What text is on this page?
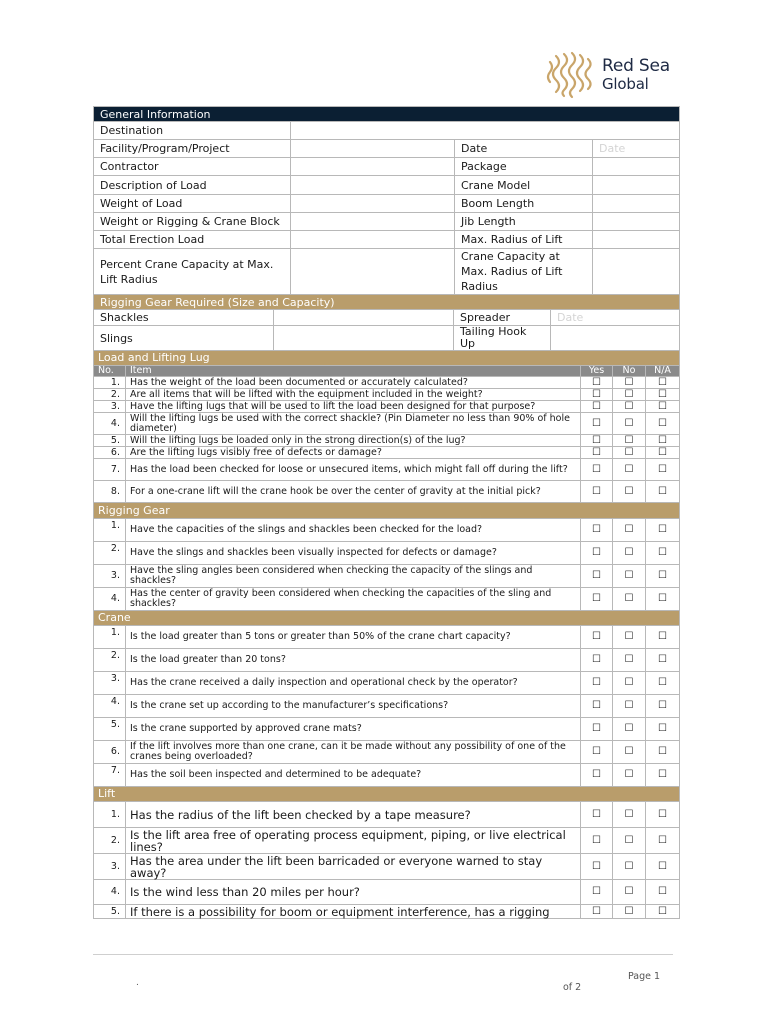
Red Sea
Global
General Information			
Destination			
Facility/Program/Project		Date	Date
Contractor		Package	
Description of Load		Crane Model	
Weight of Load		Boom Length	
Weight or Rigging & Crane Block		Jib Length	
Total Erection Load		Max. Radius of Lift	
Percent Crane Capacity at Max. Lift Radius		Crane Capacity at Max. Radius of Lift Radius	
Rigging Gear Required (Size and Capacity)			
Shackles		Spreader	Date
Slings		Tailing Hook Up	
Load and Lifting Lug				
No.	Item	Yes	No	N/A
1.	Has the weight of the load been documented or accurately calculated?	☐	☐	☐
2.	Are all items that will be lifted with the equipment included in the weight?	☐	☐	☐
3.	Have the lifting lugs that will be used to lift the load been designed for that purpose?	☐	☐	☐
4.	Will the lifting lugs be used with the correct shackle? (Pin Diameter no less than 90% of hole diameter)	☐	☐	☐
5.	Will the lifting lugs be loaded only in the strong direction(s) of the lug?	☐	☐	☐
6.	Are the lifting lugs visibly free of defects or damage?	☐	☐	☐
7.	Has the load been checked for loose or unsecured items, which might fall off during the lift?	☐	☐	☐
8.	For a one-crane lift will the crane hook be over the center of gravity at the initial pick?	☐	☐	☐
Rigging Gear				
1.	Have the capacities of the slings and shackles been checked for the load?	☐	☐	☐
2.	Have the slings and shackles been visually inspected for defects or damage?	☐	☐	☐
3.	Have the sling angles been considered when checking the capacity of the slings and shackles?	☐	☐	☐
4.	Has the center of gravity been considered when checking the capacities of the sling and shackles?	☐	☐	☐
Crane				
1.	Is the load greater than 5 tons or greater than 50% of the crane chart capacity?	☐	☐	☐
2.	Is the load greater than 20 tons?	☐	☐	☐
3.	Has the crane received a daily inspection and operational check by the operator?	☐	☐	☐
4.	Is the crane set up according to the manufacturer’s specifications?	☐	☐	☐
5.	Is the crane supported by approved crane mats?	☐	☐	☐
6.	If the lift involves more than one crane, can it be made without any possibility of one of the cranes being overloaded?	☐	☐	☐
7.	Has the soil been inspected and determined to be adequate?	☐	☐	☐
Lift				
1.	Has the radius of the lift been checked by a tape measure?	☐	☐	☐
2.	Is the lift area free of operating process equipment, piping, or live electrical lines?	☐	☐	☐
3.	Has the area under the lift been barricaded or everyone warned to stay away?	☐	☐	☐
4.	Is the wind less than 20 miles per hour?	☐	☐	☐
5.	If there is a possibility for boom or equipment interference, has a rigging	☐	☐	☐
Page 1
of 2
.
